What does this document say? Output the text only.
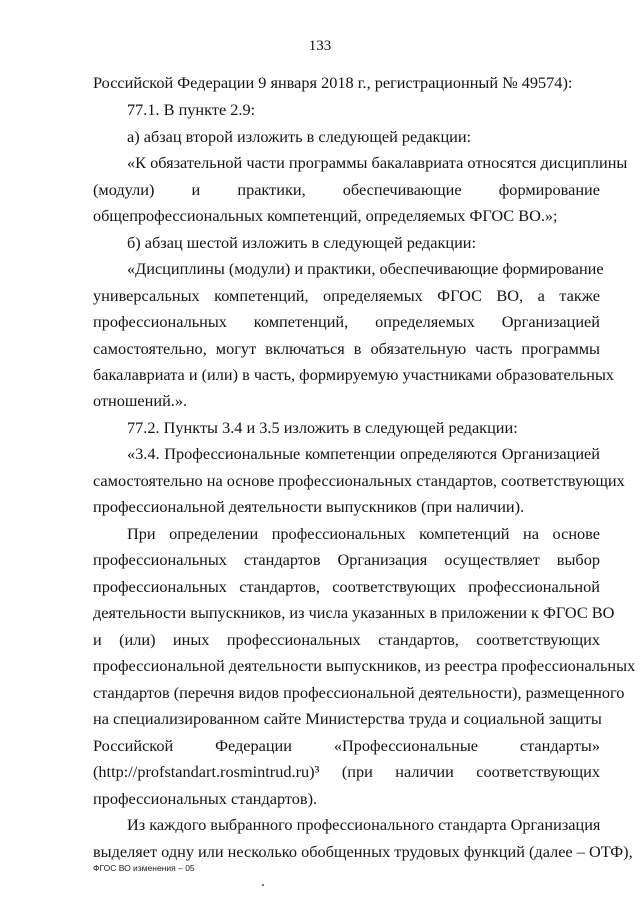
133
Российской Федерации 9 января 2018 г., регистрационный № 49574):
77.1. В пункте 2.9:
а) абзац второй изложить в следующей редакции:
«К обязательной части программы бакалавриата относятся дисциплины
(модули) и практики, обеспечивающие формирование
общепрофессиональных компетенций, определяемых ФГОС ВО.»;
б) абзац шестой изложить в следующей редакции:
«Дисциплины (модули) и практики, обеспечивающие формирование
универсальных компетенций, определяемых ФГОС ВО, а также
профессиональных компетенций, определяемых Организацией
самостоятельно, могут включаться в обязательную часть программы
бакалавриата и (или) в часть, формируемую участниками образовательных
отношений.».
77.2. Пункты 3.4 и 3.5 изложить в следующей редакции:
«3.4. Профессиональные компетенции определяются Организацией
самостоятельно на основе профессиональных стандартов, соответствующих
профессиональной деятельности выпускников (при наличии).
При определении профессиональных компетенций на основе
профессиональных стандартов Организация осуществляет выбор
профессиональных стандартов, соответствующих профессиональной
деятельности выпускников, из числа указанных в приложении к ФГОС ВО
и (или) иных профессиональных стандартов, соответствующих
профессиональной деятельности выпускников, из реестра профессиональных
стандартов (перечня видов профессиональной деятельности), размещенного
на специализированном сайте Министерства труда и социальной защиты
Российской Федерации «Профессиональные стандарты»
(http://profstandart.rosmintrud.ru)³ (при наличии соответствующих
профессиональных стандартов).
Из каждого выбранного профессионального стандарта Организация
выделяет одну или несколько обобщенных трудовых функций (далее – ОТФ),
ФГОС ВО изменения – 05
